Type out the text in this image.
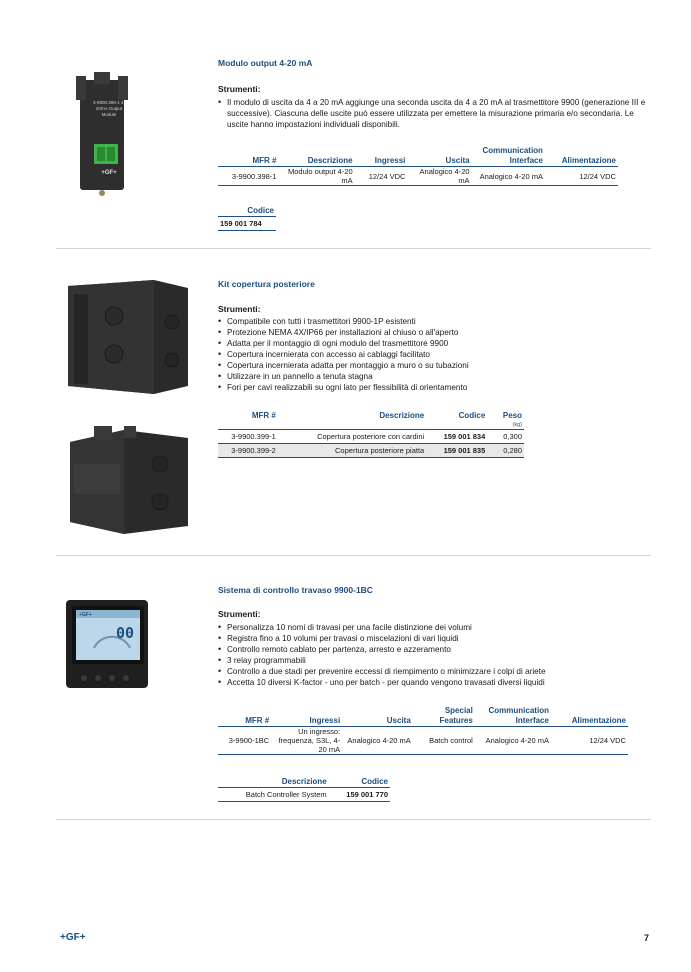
3-9900.398-1 4-20mA Output Module
+GF+
Modulo output 4-20 mA
Strumenti:
• Il modulo di uscita da 4 a 20 mA aggiunge una seconda uscita da 4 a 20 mA al trasmettitore 9900 (generazione III e successive). Ciascuna delle uscite può essere utilizzata per emettere la misurazione primaria e/o secondaria. Le uscite hanno impostazioni individuali disponibili.
MFR #	Descrizione	Ingressi	Uscita	Communication Interface	Alimentazione
3-9900.398-1	Modulo output 4-20 mA	12/24 VDC	Analogico 4-20 mA	Analogico 4-20 mA	12/24 VDC
Codice
159 001 784
Kit copertura posteriore
Strumenti:
• Compatibile con tutti i trasmettitori 9900-1P esistenti
• Protezione NEMA 4X/IP66 per installazioni al chiuso o all'aperto
• Adatta per il montaggio di ogni modulo del trasmettitore 9900
• Copertura incernierata con accesso ai cablaggi facilitato
• Copertura incernierata adatta per montaggio a muro o su tubazioni
• Utilizzare in un pannello a tenuta stagna
• Fori per cavi realizzabili su ogni lato per flessibilità di orientamento
MFR #	Descrizione	Codice	Peso
			(kg)
3-9900.399-1	Copertura posteriore con cardini	159 001 834	0,300
3-9900.399-2	Copertura posteriore piatta	159 001 835	0,280
+GF+
00
Sistema di controllo travaso 9900-1BC
Strumenti:
• Personalizza 10 nomi di travasi per una facile distinzione dei volumi
• Registra fino a 10 volumi per travasi o miscelazioni di vari liquidi
• Controllo remoto cablato per partenza, arresto e azzeramento
• 3 relay programmabili
• Controllo a due stadi per prevenire eccessi di riempimento o minimizzare i colpi di ariete
• Accetta 10 diversi K-factor - uno per batch - per quando vengono travasati diversi liquidi
MFR #	Ingressi	Uscita	Special Features	Communication Interface	Alimentazione
3-9900-1BC	Un ingresso: frequenza, S3L, 4-20 mA	Analogico 4-20 mA	Batch control	Analogico 4-20 mA	12/24 VDC
Descrizione	Codice
Batch Controller System	159 001 770
+GF+	7
